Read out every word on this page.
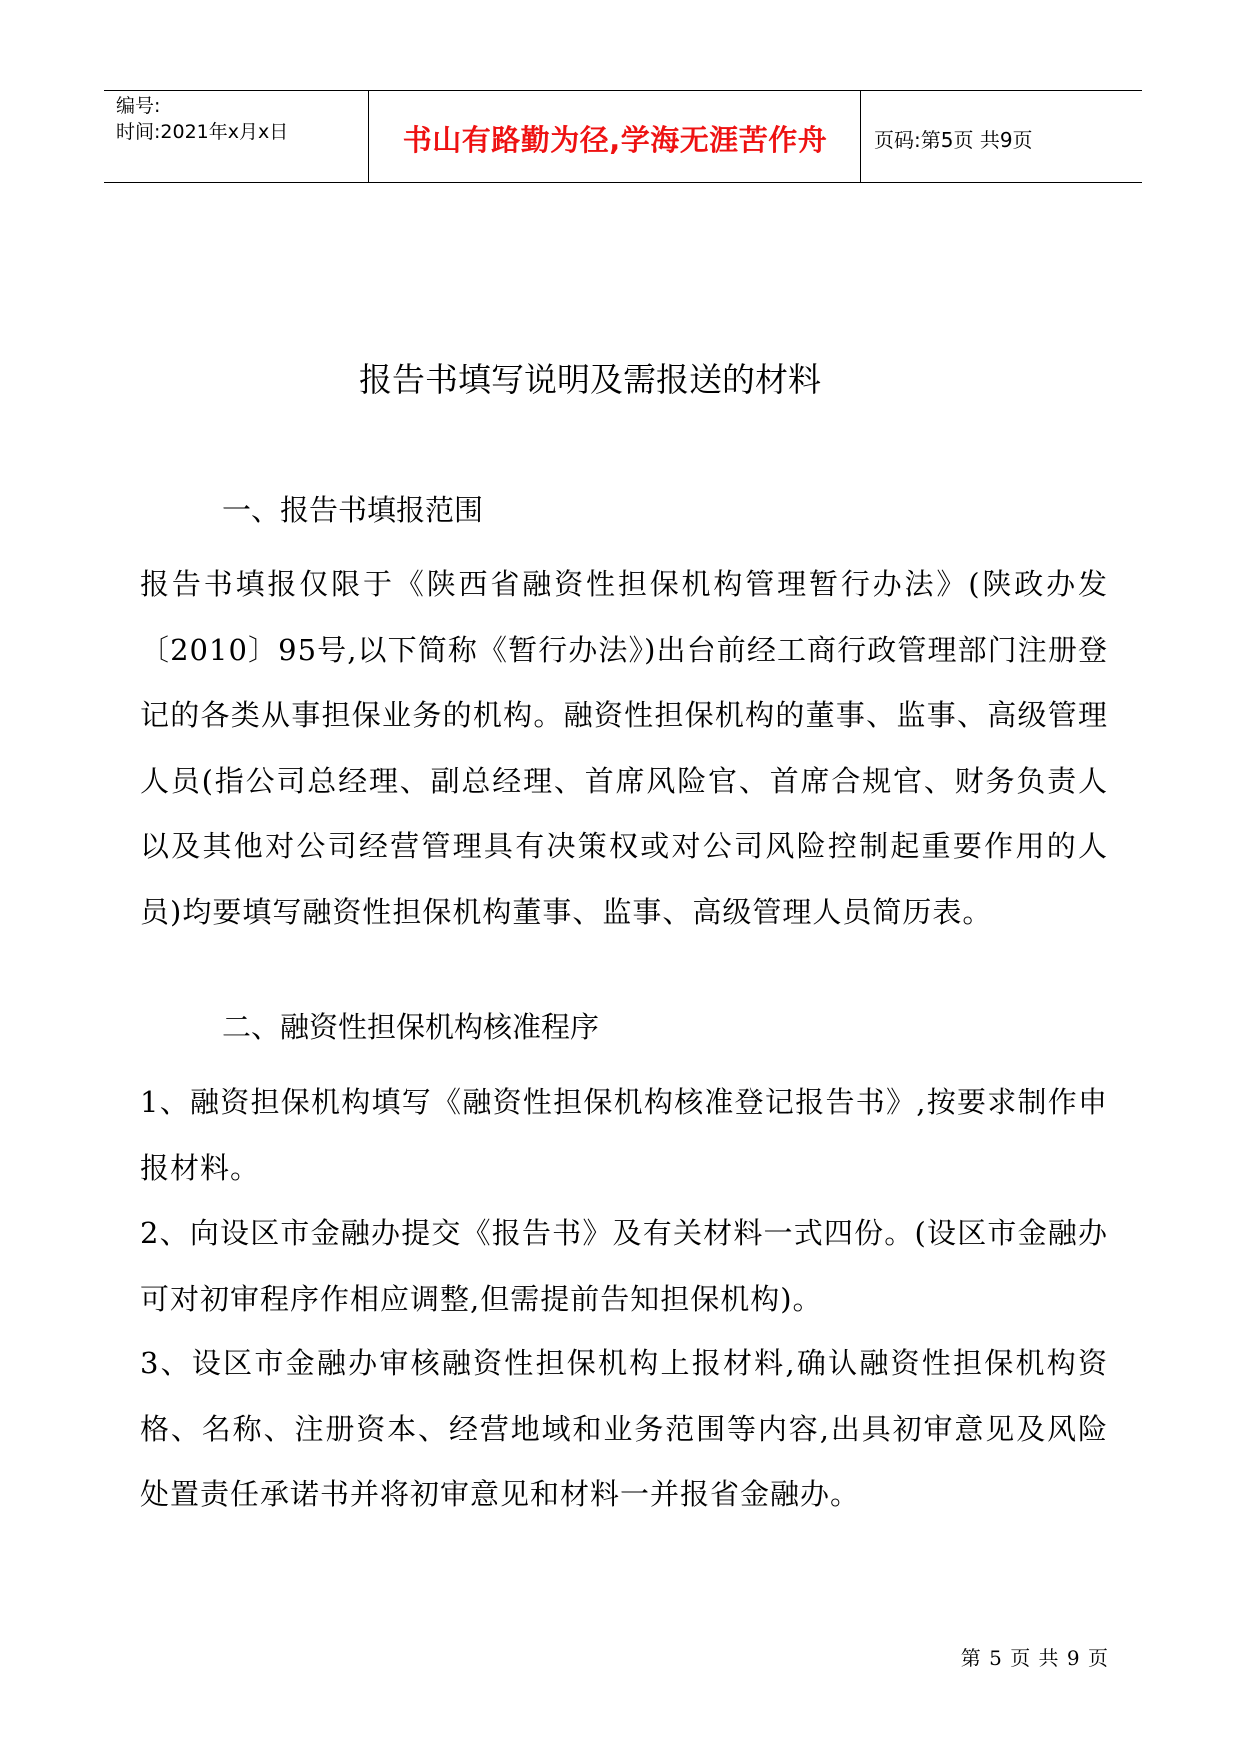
编号:
时间:2021年x月x日	书山有路勤为径,学海无涯苦作舟	页码:第5页 共9页
报告书填写说明及需报送的材料
一、报告书填报范围
报告书填报仅限于《陕西省融资性担保机构管理暂行办法》(陕政办发〔2010〕95号,以下简称《暂行办法》)出台前经工商行政管理部门注册登记的各类从事担保业务的机构。融资性担保机构的董事、监事、高级管理人员(指公司总经理、副总经理、首席风险官、首席合规官、财务负责人以及其他对公司经营管理具有决策权或对公司风险控制起重要作用的人员)均要填写融资性担保机构董事、监事、高级管理人员简历表。
二、融资性担保机构核准程序
1、融资担保机构填写《融资性担保机构核准登记报告书》,按要求制作申报材料。
2、向设区市金融办提交《报告书》及有关材料一式四份。(设区市金融办可对初审程序作相应调整,但需提前告知担保机构)。
3、设区市金融办审核融资性担保机构上报材料,确认融资性担保机构资格、名称、注册资本、经营地域和业务范围等内容,出具初审意见及风险处置责任承诺书并将初审意见和材料一并报省金融办。
第 5 页 共 9 页
